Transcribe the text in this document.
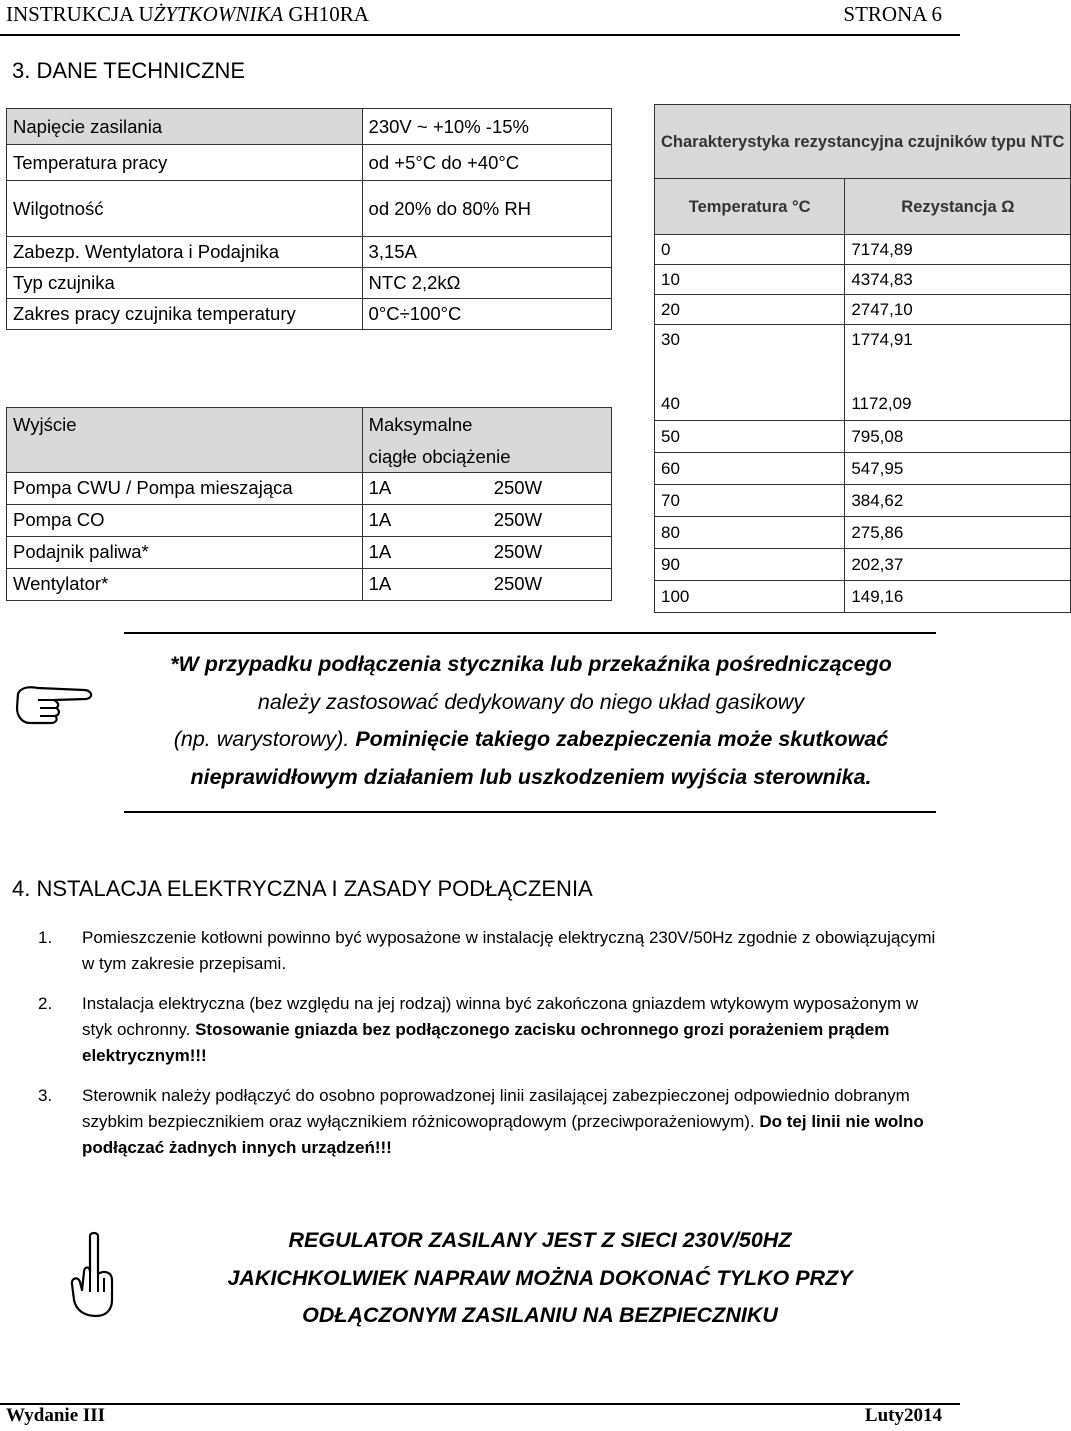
INSTRUKCJA UŻYTKOWNIKA GH10RA	STRONA 6
3. DANE TECHNICZNE
Napięcie zasilania	230V ~ +10% -15%
Temperatura pracy	od +5°C do +40°C
Wilgotność	od 20% do 80% RH
Zabezp. Wentylatora i Podajnika	3,15A
Typ czujnika	NTC 2,2kΩ
Zakres pracy czujnika temperatury	0°C÷100°C
Wyjście	Maksymalne	
	ciągłe obciążenie	
Pompa CWU / Pompa mieszająca	1A	250W
Pompa CO	1A	250W
Podajnik paliwa*	1A	250W
Wentylator*	1A	250W
Charakterystyka rezystancyjna czujników typu NTC	
Temperatura °C	Rezystancja Ω
0	7174,89
10	4374,83
20	2747,10
30	1774,91

40	1172,09
50	795,08
60	547,95
70	384,62
80	275,86
90	202,37
100	149,16
*W przypadku podłączenia stycznika lub przekaźnika pośredniczącego
należy zastosować dedykowany do niego układ gasikowy
(np. warystorowy). Pominięcie takiego zabezpieczenia może skutkować
nieprawidłowym działaniem lub uszkodzeniem wyjścia sterownika.
4. NSTALACJA ELEKTRYCZNA I ZASADY PODŁĄCZENIA
1. Pomieszczenie kotłowni powinno być wyposażone w instalację elektryczną 230V/50Hz zgodnie z obowiązującymi w tym zakresie przepisami.
2. Instalacja elektryczna (bez względu na jej rodzaj) winna być zakończona gniazdem wtykowym wyposażonym w styk ochronny. Stosowanie gniazda bez podłączonego zacisku ochronnego grozi porażeniem prądem elektrycznym!!!
3. Sterownik należy podłączyć do osobno poprowadzonej linii zasilającej zabezpieczonej odpowiednio dobranym szybkim bezpiecznikiem oraz wyłącznikiem różnicowoprądowym (przeciwporażeniowym). Do tej linii nie wolno podłączać żadnych innych urządzeń!!!
REGULATOR ZASILANY JEST Z SIECI 230V/50HZ
JAKICHKOLWIEK NAPRAW MOŻNA DOKONAĆ TYLKO PRZY
ODŁĄCZONYM ZASILANIU NA BEZPIECZNIKU
Wydanie III	Luty2014
